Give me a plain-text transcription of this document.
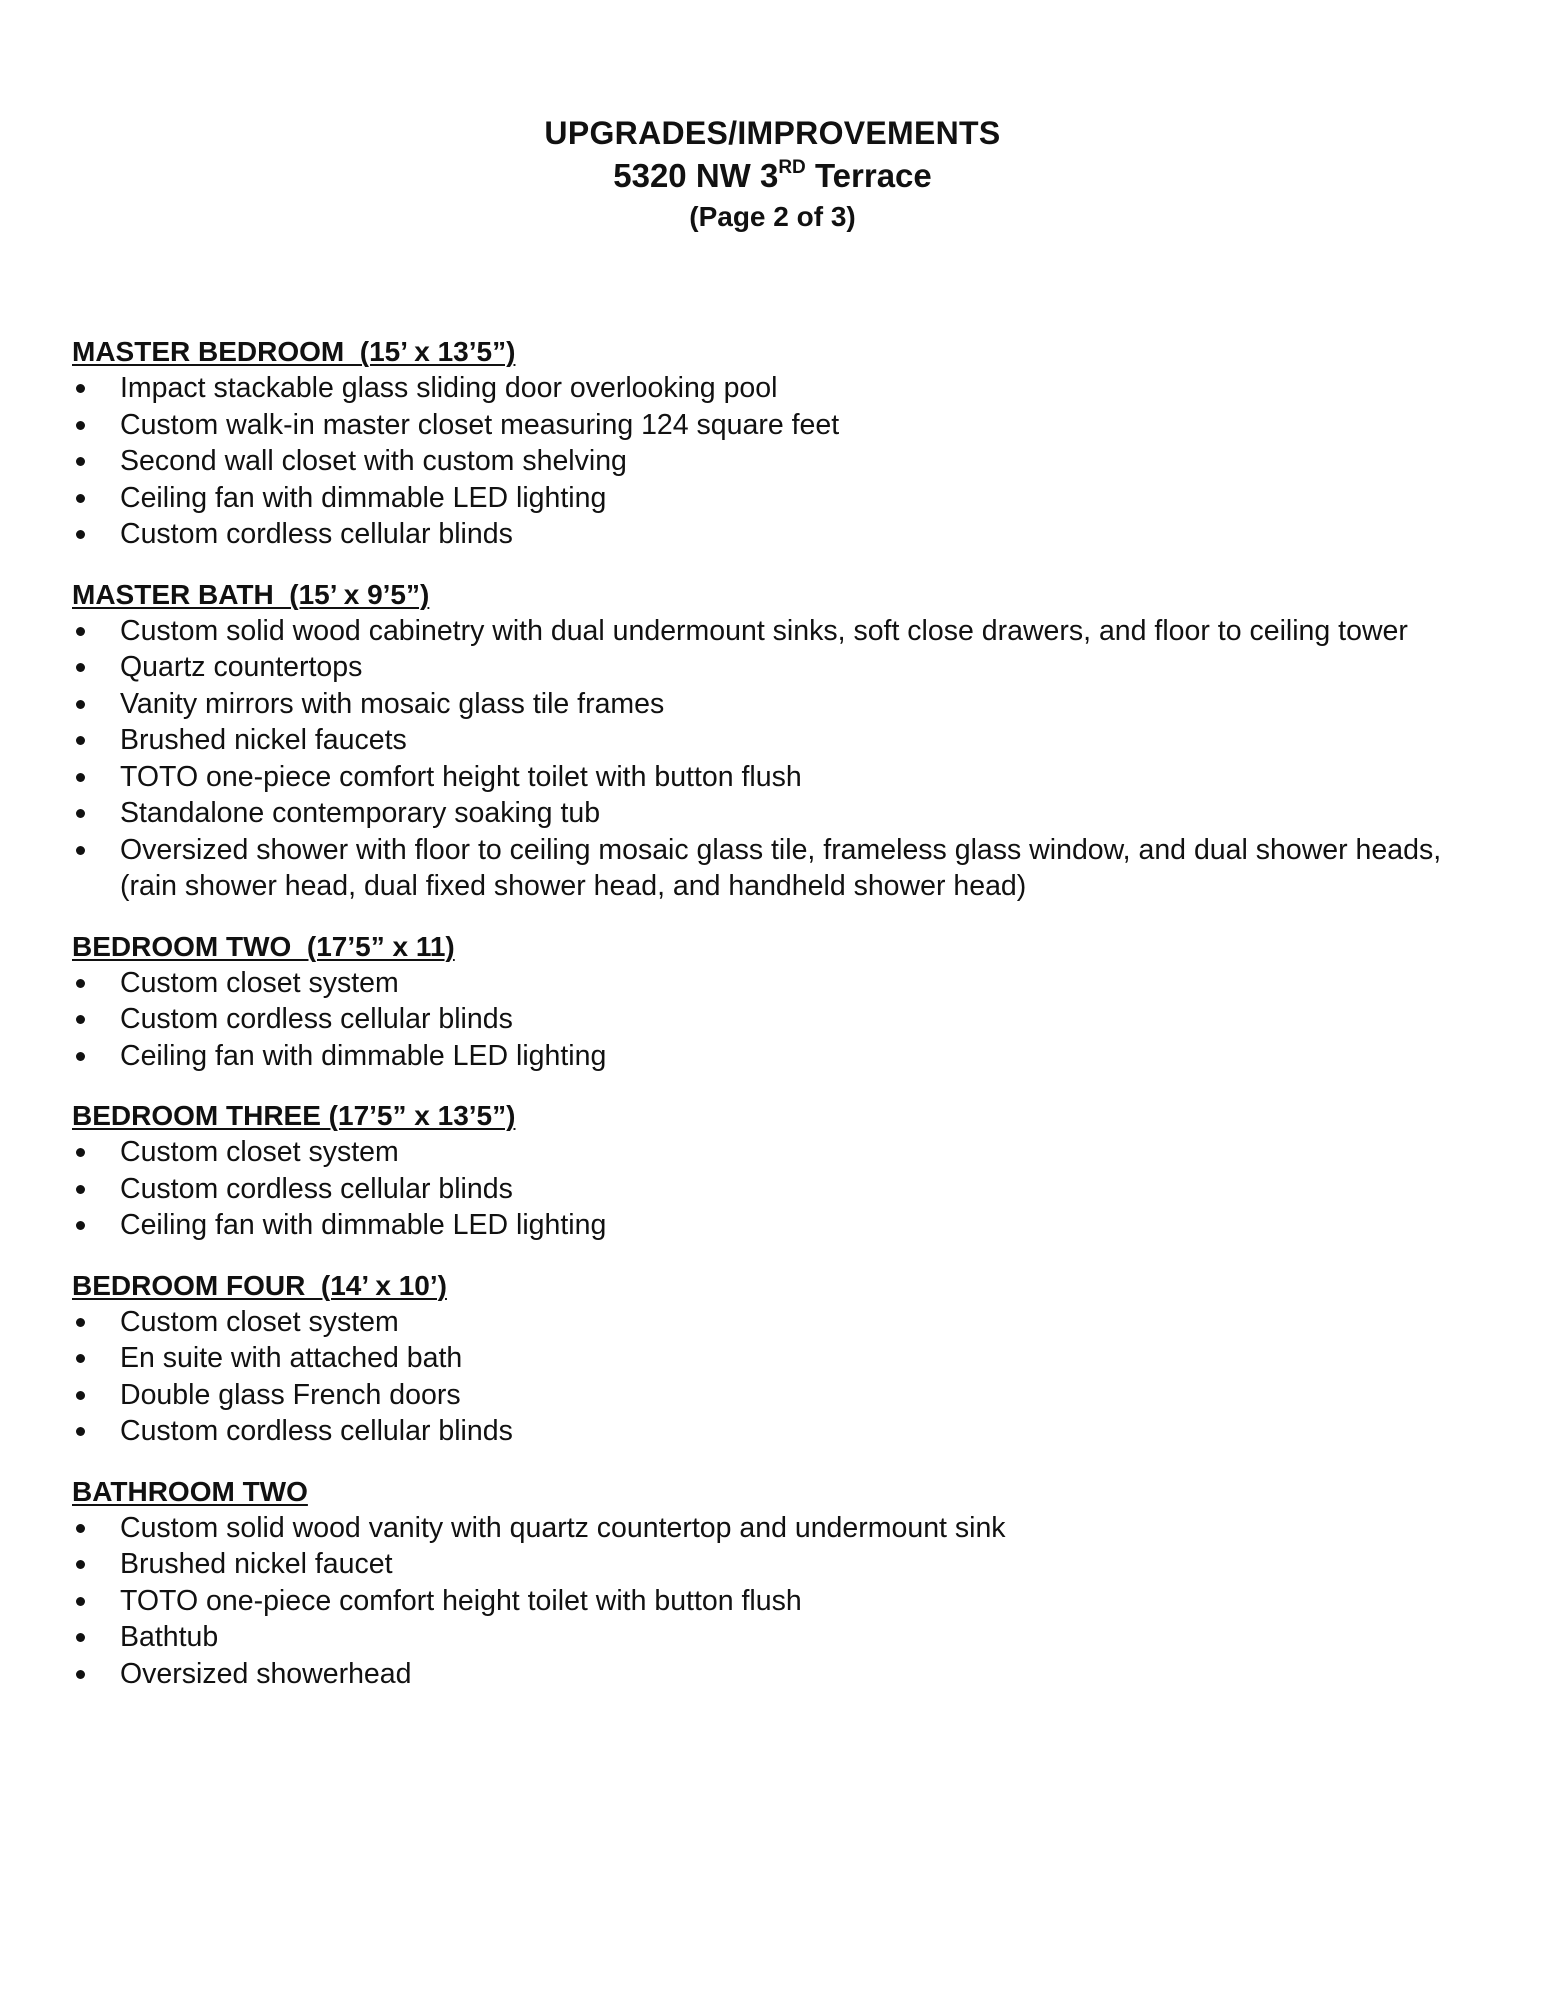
UPGRADES/IMPROVEMENTS
5320 NW 3RD Terrace
(Page 2 of 3)
MASTER BEDROOM  (15’ x 13’5”)
Impact stackable glass sliding door overlooking pool
Custom walk-in master closet measuring 124 square feet
Second wall closet with custom shelving
Ceiling fan with dimmable LED lighting
Custom cordless cellular blinds
MASTER BATH  (15’ x 9’5”)
Custom solid wood cabinetry with dual undermount sinks, soft close drawers, and floor to ceiling tower
Quartz countertops
Vanity mirrors with mosaic glass tile frames
Brushed nickel faucets
TOTO one-piece comfort height toilet with button flush
Standalone contemporary soaking tub
Oversized shower with floor to ceiling mosaic glass tile, frameless glass window, and dual shower heads, (rain shower head, dual fixed shower head, and handheld shower head)
BEDROOM TWO  (17’5” x 11)
Custom closet system
Custom cordless cellular blinds
Ceiling fan with dimmable LED lighting
BEDROOM THREE (17’5” x 13’5”)
Custom closet system
Custom cordless cellular blinds
Ceiling fan with dimmable LED lighting
BEDROOM FOUR  (14’ x 10’)
Custom closet system
En suite with attached bath
Double glass French doors
Custom cordless cellular blinds
BATHROOM TWO
Custom solid wood vanity with quartz countertop and undermount sink
Brushed nickel faucet
TOTO one-piece comfort height toilet with button flush
Bathtub
Oversized showerhead
